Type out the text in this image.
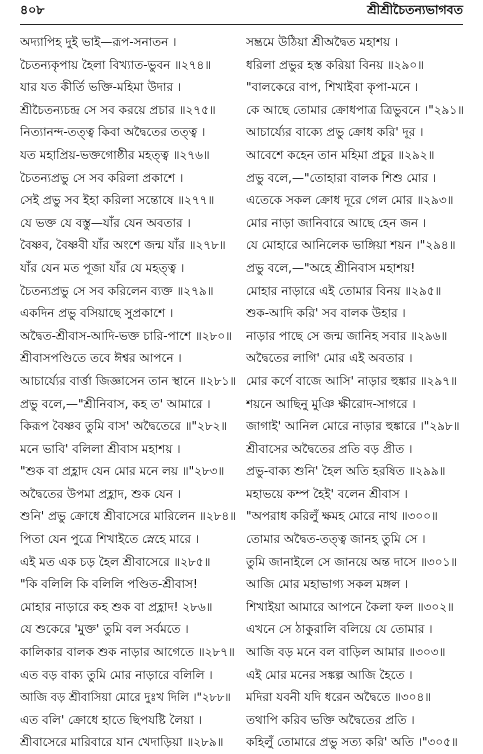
৪০৮	শ্রীশ্রীচৈতন্যভাগবত
অদ্যাপিহ দুই ভাই—রূপ-সনাতন ।
চৈতন্যকৃপায় হৈলা বিখ্যাত-ভুবন ॥২৭৪॥
যার যত কীর্তি ভক্তি-মহিমা উদার ।
শ্রীচৈতন্যচন্দ্র সে সব করয়ে প্রচার ॥২৭৫॥
নিত্যানন্দ-তত্ত্ব কিবা অদ্বৈতের তত্ত্ব ।
যত মহাপ্রিয়-ভক্তগোষ্ঠীর মহত্ত্ব ॥২৭৬॥
চৈতন্যপ্রভু সে সব করিলা প্রকাশে ।
সেই প্রভু সব ইহা করিলা সন্তোষে ॥২৭৭॥
যে ভক্ত যে বস্তু—যাঁর যেন অবতার ।
বৈষ্ণব, বৈষ্ণবী যাঁর অংশে জন্ম যাঁর ॥২৭৮॥
যাঁর যেন মত পূজা যাঁর যে মহত্ত্ব ।
চৈতন্যপ্রভু সে সব করিলেন ব্যক্ত ॥২৭৯॥
একদিন প্রভু বসিয়াছে সুপ্রকাশে ।
অদ্বৈত-শ্রীবাস-আদি-ভক্ত চারি-পাশে ॥২৮০॥
শ্রীবাসপণ্ডিতে তবে ঈশ্বর আপনে ।
আচার্য্যের বার্ত্তা জিজ্ঞাসেন তান স্থানে ॥২৮১॥
প্রভু বলে,—"শ্রীনিবাস, কহ ত' আমারে ।
কিরূপ বৈষ্ণব তুমি বাস' অদ্বৈতেরে ॥"২৮২॥
মনে ভাবি' বলিলা শ্রীবাস মহাশয় ।
"শুক বা প্রহ্লাদ যেন মোর মনে লয় ॥"২৮৩॥
অদ্বৈতের উপমা প্রহ্লাদ, শুক যেন ।
শুনি' প্রভু ক্রোধে শ্রীবাসেরে মারিলেন ॥২৮৪॥
পিতা যেন পুত্রে শিখাইতে স্নেহে মারে ।
এই মত এক চড় হৈল শ্রীবাসেরে ॥২৮৫॥
"কি বলিলি কি বলিলি পণ্ডিত-শ্রীবাস!
মোহার নাড়ারে কহ শুক বা প্রহ্লাদ! ২৮৬॥
যে শুকেরে 'মুক্ত' তুমি বল সর্বমতে ।
কালিকার বালক শুক নাড়ার আগেতে ॥২৮৭॥
এত বড় বাক্য তুমি মোর নাড়ারে বলিলি ।
আজি বড় শ্রীবাসিয়া মোরে দুঃখ দিলি ।"২৮৮॥
এত বলি' ক্রোধে হাতে ছিপযষ্টি লৈয়া ।
শ্রীবাসেরে মারিবারে যান খেদাড়িয়া ॥২৮৯॥
সম্ভ্রমে উঠিয়া শ্রীঅদ্বৈত মহাশয় ।
ধরিলা প্রভুর হস্ত করিয়া বিনয় ॥২৯০॥
"বালকেরে বাপ, শিখাইবা কৃপা-মনে ।
কে আছে তোমার ক্রোধপাত্র ত্রিভুবনে ।"২৯১॥
আচার্য্যের বাক্যে প্রভু ক্রোধ করি' দূর ।
আবেশে কহেন তান মহিমা প্রচুর ॥২৯২॥
প্রভু বলে,—"তোহারা বালক শিশু মোর ।
এতেকে সকল ক্রোধ দূরে গেল মোর ॥২৯৩॥
মোর নাড়া জানিবারে আছে হেন জন ।
যে মোহারে আনিলেক ভাঙ্গিয়া শয়ন ।"২৯৪॥
প্রভু বলে,—"অহে শ্রীনিবাস মহাশয়!
মোহার নাড়ারে এই তোমার বিনয় ॥২৯৫॥
শুক-আদি করি' সব বালক উহার ।
নাড়ার পাছে সে জন্ম জানিহ সবার ॥২৯৬॥
অদ্বৈতের লাগি' মোর এই অবতার ।
মোর কর্ণে বাজে আসি' নাড়ার হুঙ্কার ॥২৯৭॥
শয়নে আছিনু মুঞি ক্ষীরোদ-সাগরে ।
জাগাই' আনিল মোরে নাড়ার হুঙ্কারে ।"২৯৮॥
শ্রীবাসের অদ্বৈতের প্রতি বড় প্রীত ।
প্রভু-বাক্য শুনি' হৈল অতি হরষিত ॥২৯৯॥
মহাভয়ে কম্প হৈই' বলেন শ্রীবাস ।
"অপরাধ করিলুঁ ক্ষমহ মোরে নাথ ॥৩০০॥
তোমার অদ্বৈত-তত্ত্ব জানহ তুমি সে ।
তুমি জানাইলে সে জানয়ে অন্ত দাসে ॥৩০১॥
আজি মোর মহাভাগ্য সকল মঙ্গল ।
শিখাইয়া আমারে আপনে কৈলা ফল ॥৩০২॥
এখনে সে ঠাকুরালি বলিয়ে যে তোমার ।
আজি বড় মনে বল বাড়িল আমার ॥৩০৩॥
এই মোর মনের সঙ্কল্প আজি হৈতে ।
মদিরা যবনী যদি ধরেন অদ্বৈতে ॥৩০৪॥
তথাপি করিব ভক্তি অদ্বৈতের প্রতি ।
কহিলুঁ তোমারে প্রভু সত্য করি' অতি ।"৩০৫॥
